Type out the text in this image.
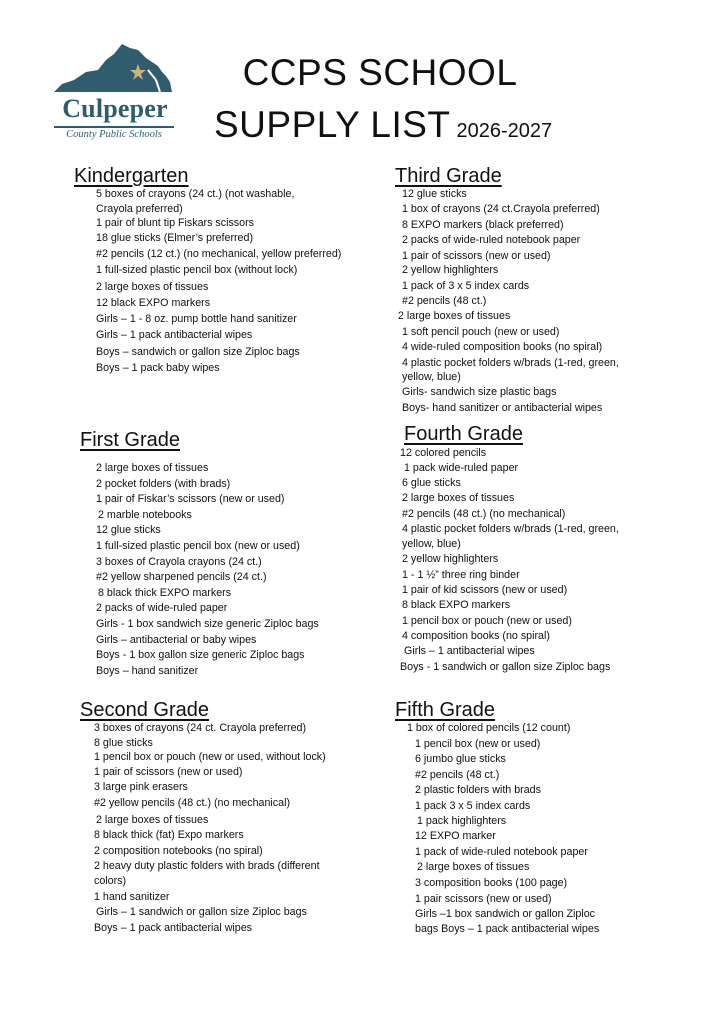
Culpeper
County Public Schools
CCPS SCHOOL
SUPPLY LIST 2026-2027
Kindergarten
5 boxes of crayons (24 ct.) (not washable,
Crayola preferred)
1 pair of blunt tip Fiskars scissors
18 glue sticks (Elmer’s preferred)
#2 pencils (12 ct.) (no mechanical, yellow preferred)
1 full-sized plastic pencil box (without lock)
2 large boxes of tissues
12 black EXPO markers
Girls – 1 - 8 oz. pump bottle hand sanitizer
Girls – 1 pack antibacterial wipes
Boys – sandwich or gallon size Ziploc bags
Boys – 1 pack baby wipes
Third Grade
12 glue sticks
1 box of crayons (24 ct.Crayola preferred)
8 EXPO markers (black preferred)
2 packs of wide-ruled notebook paper
1 pair of scissors (new or used)
2 yellow highlighters
1 pack of 3 x 5 index cards
#2 pencils (48 ct.)
2 large boxes of tissues
1 soft pencil pouch (new or used)
4 wide-ruled composition books (no spiral)
4 plastic pocket folders w/brads (1-red, green,
yellow, blue)
Girls- sandwich size plastic bags
Boys- hand sanitizer or antibacterial wipes
First Grade
2 large boxes of tissues
2 pocket folders (with brads)
1 pair of Fiskar’s scissors (new or used)
2 marble notebooks
12 glue sticks
1 full-sized plastic pencil box (new or used)
3 boxes of Crayola crayons (24 ct.)
#2 yellow sharpened pencils (24 ct.)
8 black thick EXPO markers
2 packs of wide-ruled paper
Girls - 1 box sandwich size generic Ziploc bags
Girls – antibacterial or baby wipes
Boys - 1 box gallon size generic Ziploc bags
Boys – hand sanitizer
Fourth Grade
12 colored pencils
1 pack wide-ruled paper
6 glue sticks
2 large boxes of tissues
#2 pencils (48 ct.) (no mechanical)
4 plastic pocket folders w/brads (1-red, green,
yellow, blue)
2 yellow highlighters
1 - 1 ½” three ring binder
1 pair of kid scissors (new or used)
8 black EXPO markers
1 pencil box or pouch (new or used)
4 composition books (no spiral)
Girls – 1 antibacterial wipes
Boys - 1 sandwich or gallon size Ziploc bags
Second Grade
3 boxes of crayons (24 ct. Crayola preferred)
8 glue sticks
1 pencil box or pouch (new or used, without lock)
1 pair of scissors (new or used)
3 large pink erasers
#2 yellow pencils (48 ct.) (no mechanical)
2 large boxes of tissues
8 black thick (fat) Expo markers
2 composition notebooks (no spiral)
2 heavy duty plastic folders with brads (different
colors)
1 hand sanitizer
Girls – 1 sandwich or gallon size Ziploc bags
Boys – 1 pack antibacterial wipes
Fifth Grade
1 box of colored pencils (12 count)
1 pencil box (new or used)
6 jumbo glue sticks
#2 pencils (48 ct.)
2 plastic folders with brads
1 pack 3 x 5 index cards
1 pack highlighters
12 EXPO marker
1 pack of wide-ruled notebook paper
2 large boxes of tissues
3 composition books (100 page)
1 pair scissors (new or used)
Girls –1 box sandwich or gallon Ziploc
bags Boys – 1 pack antibacterial wipes
